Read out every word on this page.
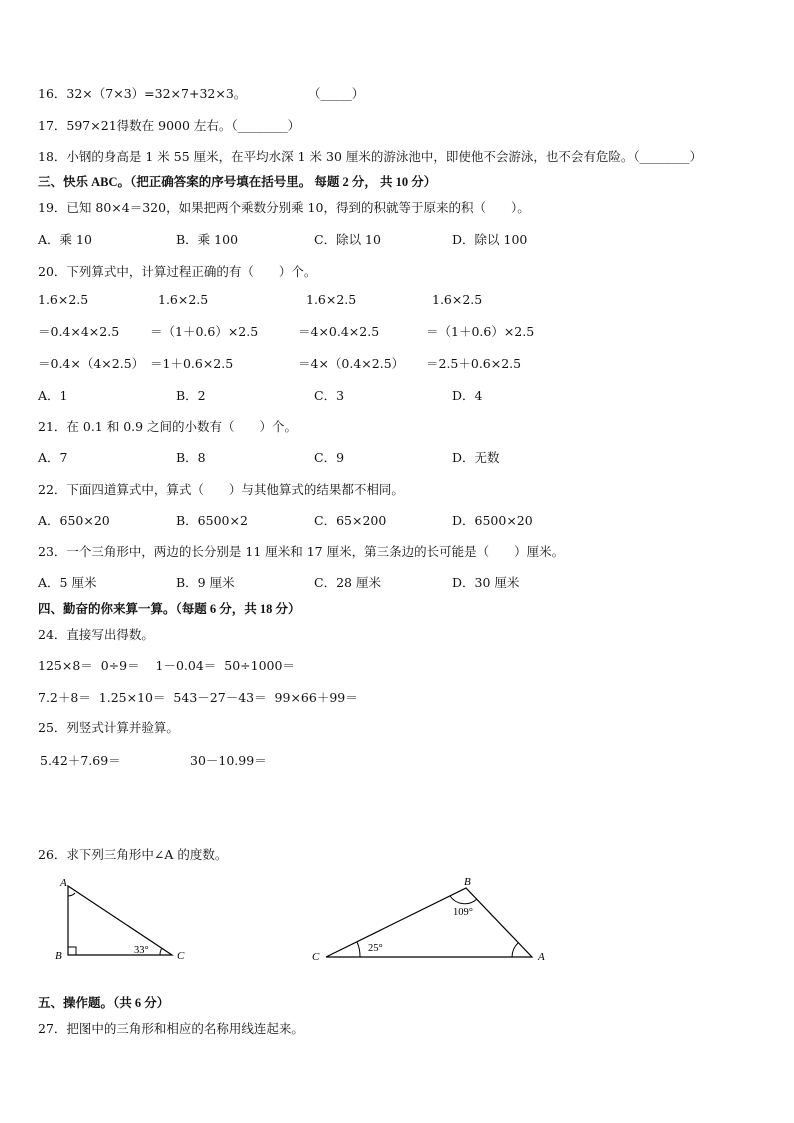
16．32×（7×3）=32×7+32×3。	（_____）
17．597×21得数在 9000 左右。（________）
18．小钢的身高是 1 米 55 厘米，在平均水深 1 米 30 厘米的游泳池中，即使他不会游泳，也不会有危险。（________）
三、快乐 ABC。（把正确答案的序号填在括号里。 每题 2 分， 共 10 分）
19．已知 80×4＝320，如果把两个乘数分别乘 10，得到的积就等于原来的积（　　）。
A．乘 10	B．乘 100	C．除以 10	D．除以 100
20．下列算式中，计算过程正确的有（　　）个。
1.6×2.5	1.6×2.5	1.6×2.5	1.6×2.5
＝0.4×4×2.5 ＝（1＋0.6）×2.5	＝4×0.4×2.5	＝（1＋0.6）×2.5
＝0.4×（4×2.5） ＝1＋0.6×2.5	＝4×（0.4×2.5） ＝2.5＋0.6×2.5
A．1	B．2	C．3	D．4
21．在 0.1 和 0.9 之间的小数有（　　）个。
A．7	B．8	C．9	D．无数
22．下面四道算式中，算式（　　）与其他算式的结果都不相同。
A．650×20	B．6500×2	C．65×200	D．6500×20
23．一个三角形中，两边的长分别是 11 厘米和 17 厘米，第三条边的长可能是（　　）厘米。
A．5 厘米	B．9 厘米	C．28 厘米	D．30 厘米
四、勤奋的你来算一算。（每题 6 分，共 18 分）
24．直接写出得数。
125×8＝  0÷9＝    1－0.04＝  50÷1000＝
7.2＋8＝  1.25×10＝  543－27－43＝  99×66＋99＝
25．列竖式计算并验算。
5.42＋7.69＝	30－10.99＝
26．求下列三角形中∠A 的度数。
A
B	C
33°
B
C	A
109°
25°
五、操作题。（共 6 分）
27．把图中的三角形和相应的名称用线连起来。
